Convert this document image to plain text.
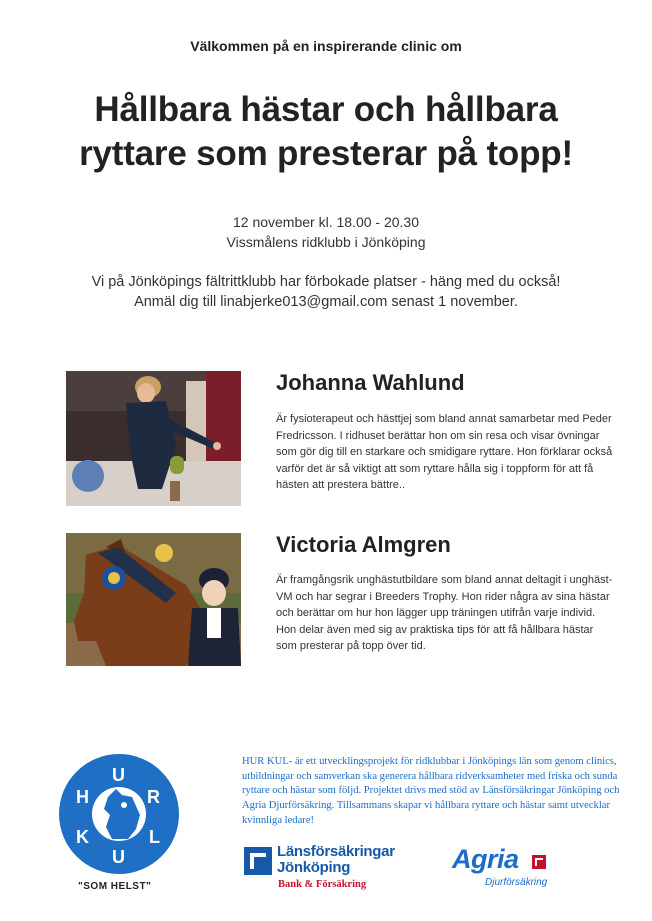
Välkommen på en inspirerande clinic om
Hållbara hästar och hållbara
ryttare som presterar på topp!
12 november kl. 18.00 - 20.30
Vissmålens ridklubb i Jönköping
Vi på Jönköpings fältrittklubb har förbokade platser - häng med du också!
Anmäl dig till linabjerke013@gmail.com senast 1 november.
Johanna Wahlund
Är fysioterapeut och hästtjej som bland annat samarbetar med Peder Fredricsson. I ridhuset berättar hon om sin resa och visar övningar som gör dig till en starkare och smidigare ryttare. Hon förklarar också varför det är så viktigt att som ryttare hålla sig i toppform för att få hästen att prestera bättre..
Victoria Almgren
Är framgångsrik unghästutbildare som bland annat deltagit i unghäst-VM och har segrar i Breeders Trophy. Hon rider några av sina hästar och berättar om hur hon lägger upp träningen utifrån varje individ. Hon delar även med sig av praktiska tips för att få hållbara hästar som presterar på topp över tid.
H
U
R
K
U
L
"SOM HELST"
HUR KUL- är ett utvecklingsprojekt för ridklubbar i Jönköpings län som genom clinics, utbildningar och samverkan ska generera hållbara ridverksamheter med friska och sunda ryttare och hästar som följd. Projektet drivs med stöd av Länsförsäkringar Jönköping och Agria Djurförsäkring. Tillsammans skapar vi hållbara ryttare och hästar samt utvecklar kvinnliga ledare!
Länsförsäkringar
Jönköping
Bank & Försäkring
Agria
Djurförsäkring
